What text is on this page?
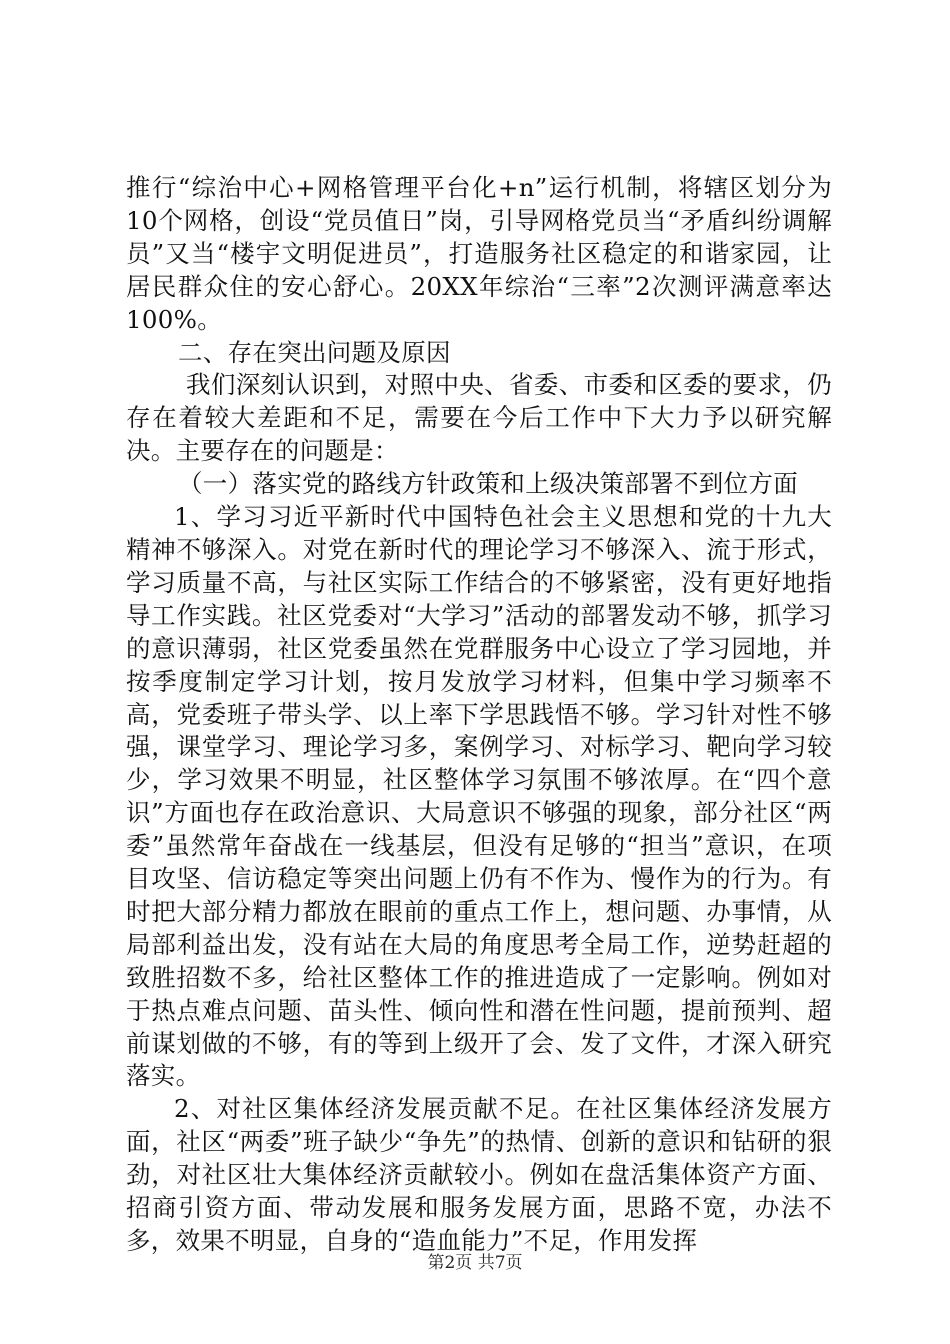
推行“综治中心+网格管理平台化+n”运行机制，将辖区划分为10个网格，创设“党员值日”岗，引导网格党员当“矛盾纠纷调解员”又当“楼宇文明促进员”，打造服务社区稳定的和谐家园，让居民群众住的安心舒心。20XX年综治“三率”2次测评满意率达100%。

二、存在突出问题及原因

我们深刻认识到，对照中央、省委、市委和区委的要求，仍存在着较大差距和不足，需要在今后工作中下大力予以研究解决。主要存在的问题是：

（一）落实党的路线方针政策和上级决策部署不到位方面

1、学习习近平新时代中国特色社会主义思想和党的十九大精神不够深入。对党在新时代的理论学习不够深入、流于形式，学习质量不高，与社区实际工作结合的不够紧密，没有更好地指导工作实践。社区党委对“大学习”活动的部署发动不够，抓学习的意识薄弱，社区党委虽然在党群服务中心设立了学习园地，并按季度制定学习计划，按月发放学习材料，但集中学习频率不高，党委班子带头学、以上率下学思践悟不够。学习针对性不够强，课堂学习、理论学习多，案例学习、对标学习、靶向学习较少，学习效果不明显，社区整体学习氛围不够浓厚。在“四个意识”方面也存在政治意识、大局意识不够强的现象，部分社区“两委”虽然常年奋战在一线基层，但没有足够的“担当”意识，在项目攻坚、信访稳定等突出问题上仍有不作为、慢作为的行为。有时把大部分精力都放在眼前的重点工作上，想问题、办事情，从局部利益出发，没有站在大局的角度思考全局工作，逆势赶超的致胜招数不多，给社区整体工作的推进造成了一定影响。例如对于热点难点问题、苗头性、倾向性和潜在性问题，提前预判、超前谋划做的不够，有的等到上级开了会、发了文件，才深入研究落实。

2、对社区集体经济发展贡献不足。在社区集体经济发展方面，社区“两委”班子缺少“争先”的热情、创新的意识和钻研的狠劲，对社区壮大集体经济贡献较小。例如在盘活集体资产方面、招商引资方面、带动发展和服务发展方面，思路不宽，办法不多，效果不明显，自身的“造血能力”不足，作用发挥

第2页 共7页
